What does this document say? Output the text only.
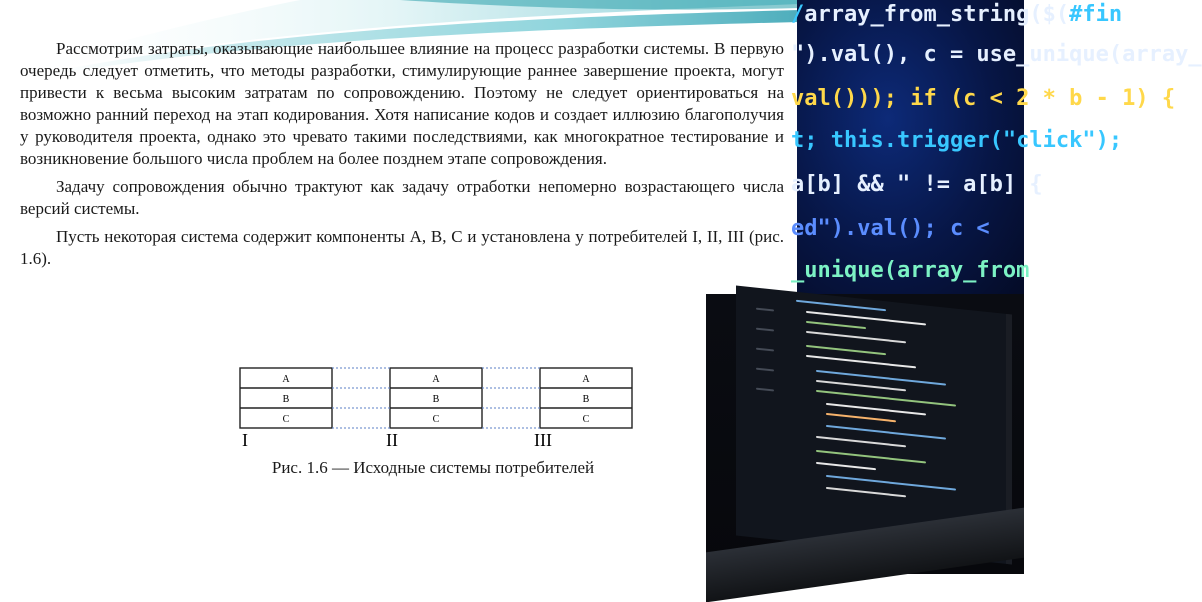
/array_from_string($(#fin
").val(), c = use_unique(array_
val())); if (c < 2 * b - 1) {
t; this.trigger("click");
a[b] && " != a[b] {
ed").val(); c <
_unique(array_from

Рассмотрим затраты, оказывающие наибольшее влияние на процесс разработки системы. В первую очередь следует отметить, что методы разработки, стимулирующие раннее завершение проекта, могут привести к весьма высоким затратам по сопровождению. Поэтому не следует ориентироваться на возможно ранний переход на этап кодирования. Хотя написание кодов и создает иллюзию благополучия у руководителя проекта, однако это чревато такими последствиями, как многократное тестирование и возникновение большого числа проблем на более позднем этапе сопровождения.

Задачу сопровождения обычно трактуют как задачу отработки непомерно возрастающего числа версий системы.

Пусть некоторая система содержит компоненты A, B, C и установлена у потребителей I, II, III (рис. 1.6).

A
B
C
I
A
B
C
II
A
B
C
III
Рис. 1.6 — Исходные системы потребителей
